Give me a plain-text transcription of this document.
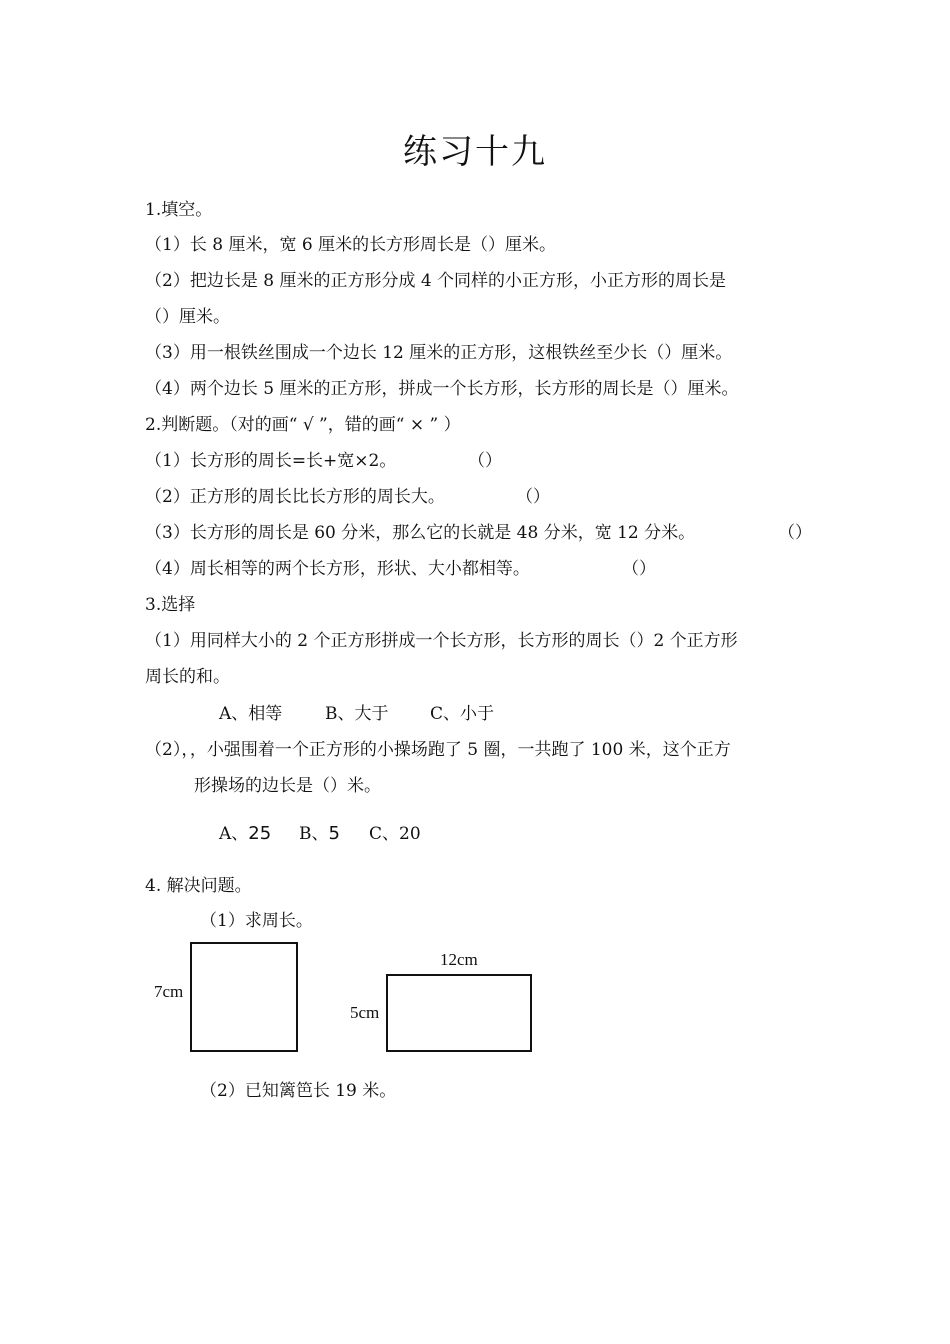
练习十九
1.填空。
（1）长 8 厘米，宽 6 厘米的长方形周长是（）厘米。
（2）把边长是 8 厘米的正方形分成 4 个同样的小正方形，小正方形的周长是
（）厘米。
（3）用一根铁丝围成一个边长 12 厘米的正方形，这根铁丝至少长（）厘米。
（4）两个边长 5 厘米的正方形，拼成一个长方形，长方形的周长是（）厘米。
2.判断题。（对的画“ √ ”，错的画“ × ” ）
（1）长方形的周长=长+宽×2。	（）
（2）正方形的周长比长方形的周长大。	（）
（3）长方形的周长是 60 分米，那么它的长就是 48 分米，宽 12 分米。	（）
（4）周长相等的两个长方形，形状、大小都相等。	（）
3.选择
（1）用同样大小的 2 个正方形拼成一个长方形，长方形的周长（）2 个正方形
周长的和。
A、相等	B、大于 C、小于
（2），，小强围着一个正方形的小操场跑了 5 圈，一共跑了 100 米，这个正方
形操场的边长是（）米。
A、25 B、5 C、20
4. 解决问题。
（1）求周长。
7cm
12cm
5cm
（2）已知篱笆长 19 米。
